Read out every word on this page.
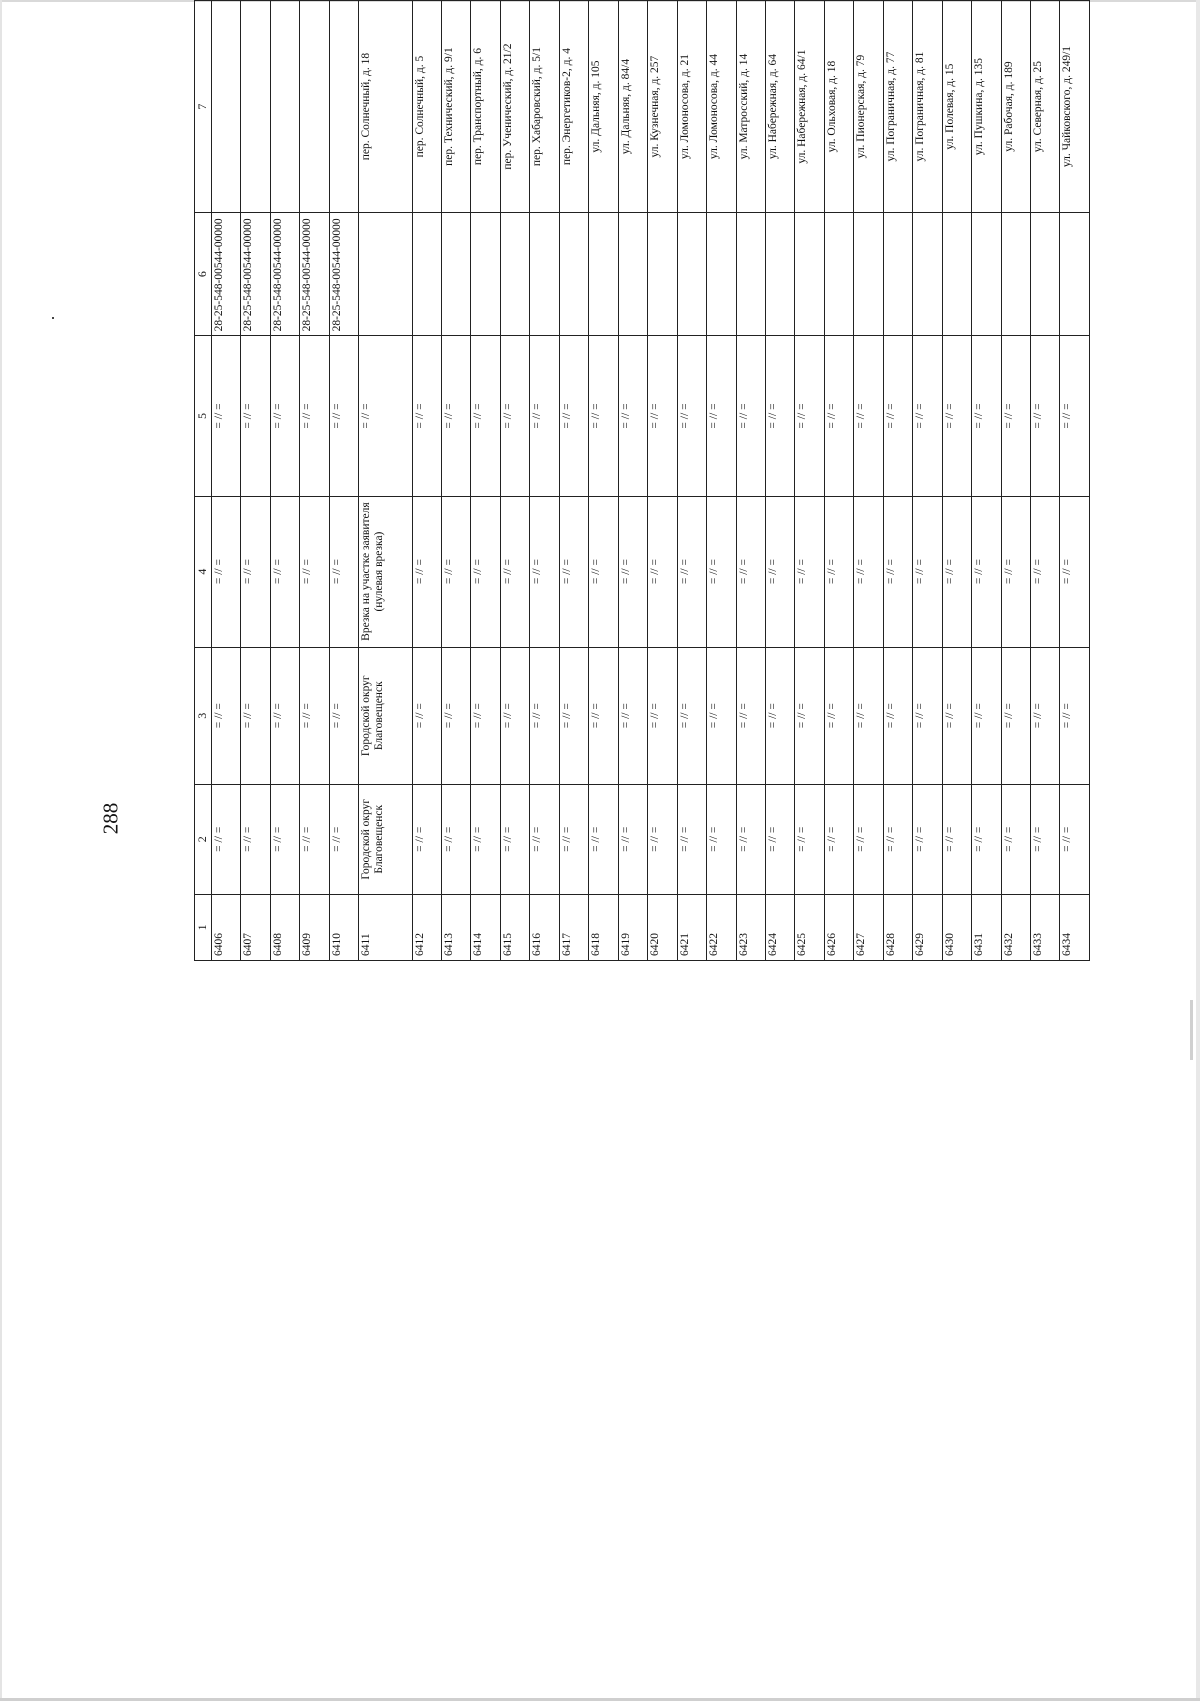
288
1	2	3	4	5	6	7					
6406	= // =	= // =	= // =	= // =	28-25-548-00544-00000						
6407	= // =	= // =	= // =	= // =	28-25-548-00544-00000						
6408	= // =	= // =	= // =	= // =	28-25-548-00544-00000						
6409	= // =	= // =	= // =	= // =	28-25-548-00544-00000						
6410	= // =	= // =	= // =	= // =	28-25-548-00544-00000						
6411	Городской округ Благовещенск	Городской округ Благовещенск	Врезка на участке заявителя (нулевая врезка)	= // =		пер. Солнечный, д. 18					
6412	= // =	= // =	= // =	= // =		пер. Солнечный, д. 5					
6413	= // =	= // =	= // =	= // =		пер. Технический, д. 9/1					
6414	= // =	= // =	= // =	= // =		пер. Транспортный, д. 6					
6415	= // =	= // =	= // =	= // =		пер. Ученический, д. 21/2					
6416	= // =	= // =	= // =	= // =		пер. Хабаровский, д. 5/1					
6417	= // =	= // =	= // =	= // =		пер. Энергетиков-2, д. 4					
6418	= // =	= // =	= // =	= // =		ул. Дальняя, д. 105					
6419	= // =	= // =	= // =	= // =		ул. Дальняя, д. 84/4					
6420	= // =	= // =	= // =	= // =		ул. Кузнечная, д. 257					
6421	= // =	= // =	= // =	= // =		ул. Ломоносова, д. 21					
6422	= // =	= // =	= // =	= // =		ул. Ломоносова, д. 44					
6423	= // =	= // =	= // =	= // =		ул. Матросский, д. 14					
6424	= // =	= // =	= // =	= // =		ул. Набережная, д. 64					
6425	= // =	= // =	= // =	= // =		ул. Набережная, д. 64/1					
6426	= // =	= // =	= // =	= // =		ул. Ольховая, д. 18					
6427	= // =	= // =	= // =	= // =		ул. Пионерская, д. 79					
6428	= // =	= // =	= // =	= // =		ул. Пограничная, д. 77					
6429	= // =	= // =	= // =	= // =		ул. Пограничная, д. 81					
6430	= // =	= // =	= // =	= // =		ул. Полевая, д. 15					
6431	= // =	= // =	= // =	= // =		ул. Пушкина, д. 135					
6432	= // =	= // =	= // =	= // =		ул. Рабочая, д. 189					
6433	= // =	= // =	= // =	= // =		ул. Северная, д. 25					
6434	= // =	= // =	= // =	= // =		ул. Чайковского, д. 249/1					
